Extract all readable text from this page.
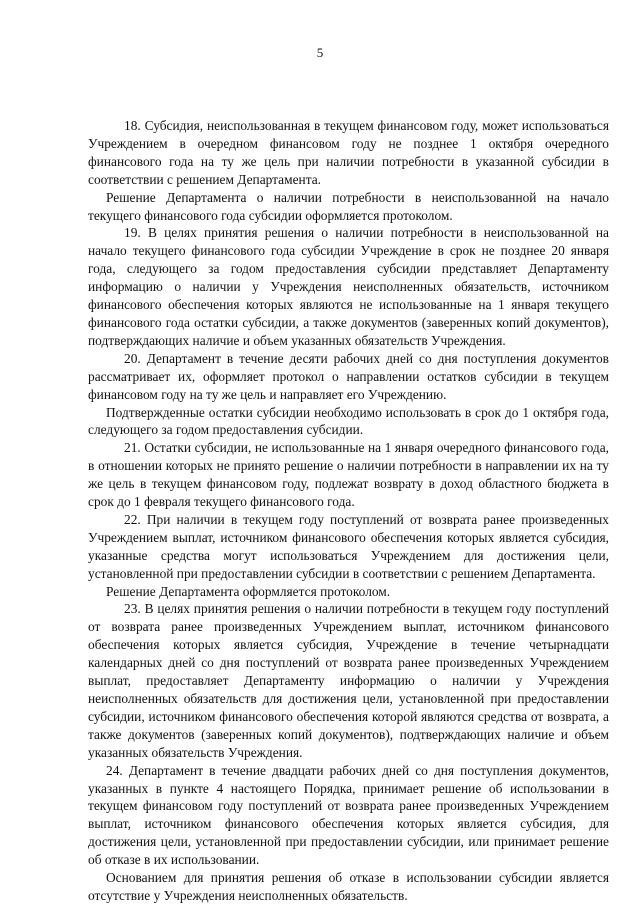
5

18. Субсидия, неиспользованная в текущем финансовом году, может использоваться Учреждением в очередном финансовом году не позднее 1 октября очередного финансового года на ту же цель при наличии потребности в указанной субсидии в соответствии с решением Департамента.

Решение Департамента о наличии потребности в неиспользованной на начало текущего финансового года субсидии оформляется протоколом.

19. В целях принятия решения о наличии потребности в неиспользованной на начало текущего финансового года субсидии Учреждение в срок не позднее 20 января года, следующего за годом предоставления субсидии представляет Департаменту информацию о наличии у Учреждения неисполненных обязательств, источником финансового обеспечения которых являются не использованные на 1 января текущего финансового года остатки субсидии, а также документов (заверенных копий документов), подтверждающих наличие и объем указанных обязательств Учреждения.

20. Департамент в течение десяти рабочих дней со дня поступления документов рассматривает их, оформляет протокол о направлении остатков субсидии в текущем финансовом году на ту же цель и направляет его Учреждению.

Подтвержденные остатки субсидии необходимо использовать в срок до 1 октября года, следующего за годом предоставления субсидии.

21. Остатки субсидии, не использованные на 1 января очередного финансового года, в отношении которых не принято решение о наличии потребности в направлении их на ту же цель в текущем финансовом году, подлежат возврату в доход областного бюджета в срок до 1 февраля текущего финансового года.

22. При наличии в текущем году поступлений от возврата ранее произведенных Учреждением выплат, источником финансового обеспечения которых является субсидия, указанные средства могут использоваться Учреждением для достижения цели, установленной при предоставлении субсидии в соответствии с решением Департамента.

Решение Департамента оформляется протоколом.

23. В целях принятия решения о наличии потребности в текущем году поступлений от возврата ранее произведенных Учреждением выплат, источником финансового обеспечения которых является субсидия, Учреждение в течение четырнадцати календарных дней со дня поступлений от возврата ранее произведенных Учреждением выплат, предоставляет Департаменту информацию о наличии у Учреждения неисполненных обязательств для достижения цели, установленной при предоставлении субсидии, источником финансового обеспечения которой являются средства от возврата, а также документов (заверенных копий документов), подтверждающих наличие и объем указанных обязательств Учреждения.

24. Департамент в течение двадцати рабочих дней со дня поступления документов, указанных в пункте 4 настоящего Порядка, принимает решение об использовании в текущем финансовом году поступлений от возврата ранее произведенных Учреждением выплат, источником финансового обеспечения которых является субсидия, для достижения цели, установленной при предоставлении субсидии, или принимает решение об отказе в их использовании.

Основанием для принятия решения об отказе в использовании субсидии является отсутствие у Учреждения неисполненных обязательств.
